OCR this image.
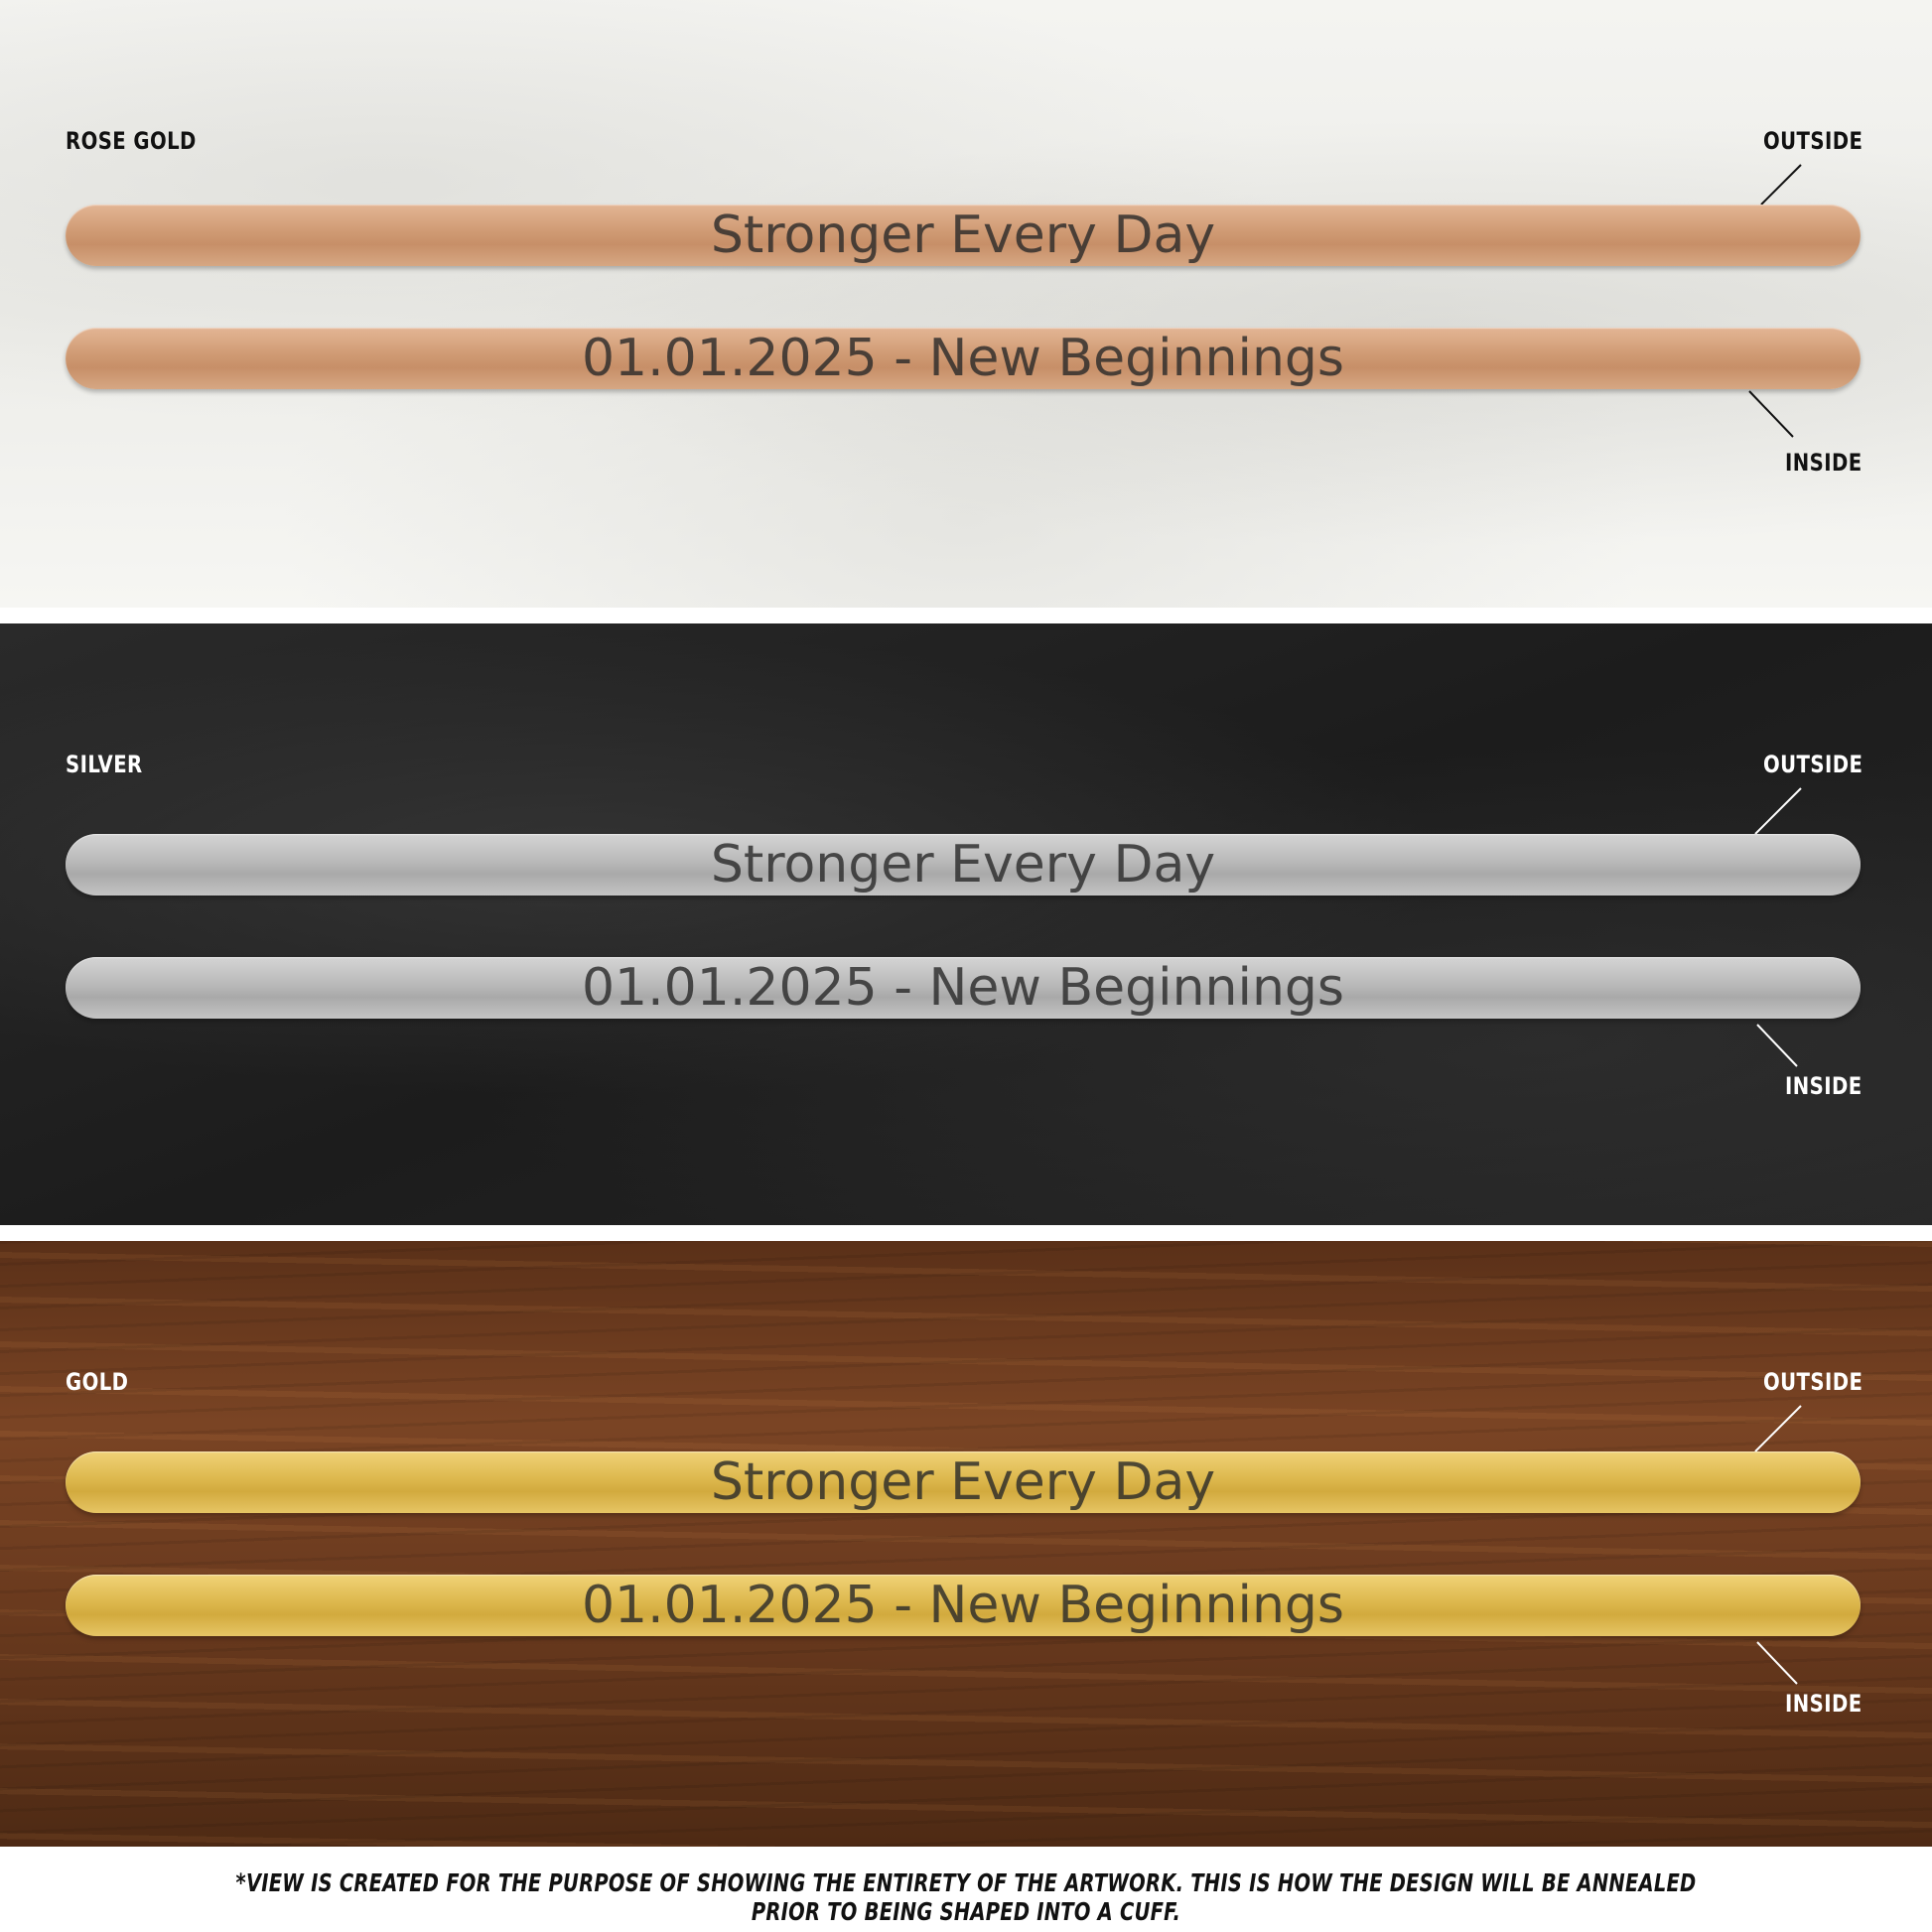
ROSE GOLD	OUTSIDE
Stronger Every Day
01.01.2025 - New Beginnings
INSIDE
SILVER	OUTSIDE
Stronger Every Day
01.01.2025 - New Beginnings
INSIDE
GOLD	OUTSIDE
Stronger Every Day
01.01.2025 - New Beginnings
INSIDE
*VIEW IS CREATED FOR THE PURPOSE OF SHOWING THE ENTIRETY OF THE ARTWORK. THIS IS HOW THE DESIGN WILL BE ANNEALED PRIOR TO BEING SHAPED INTO A CUFF.
